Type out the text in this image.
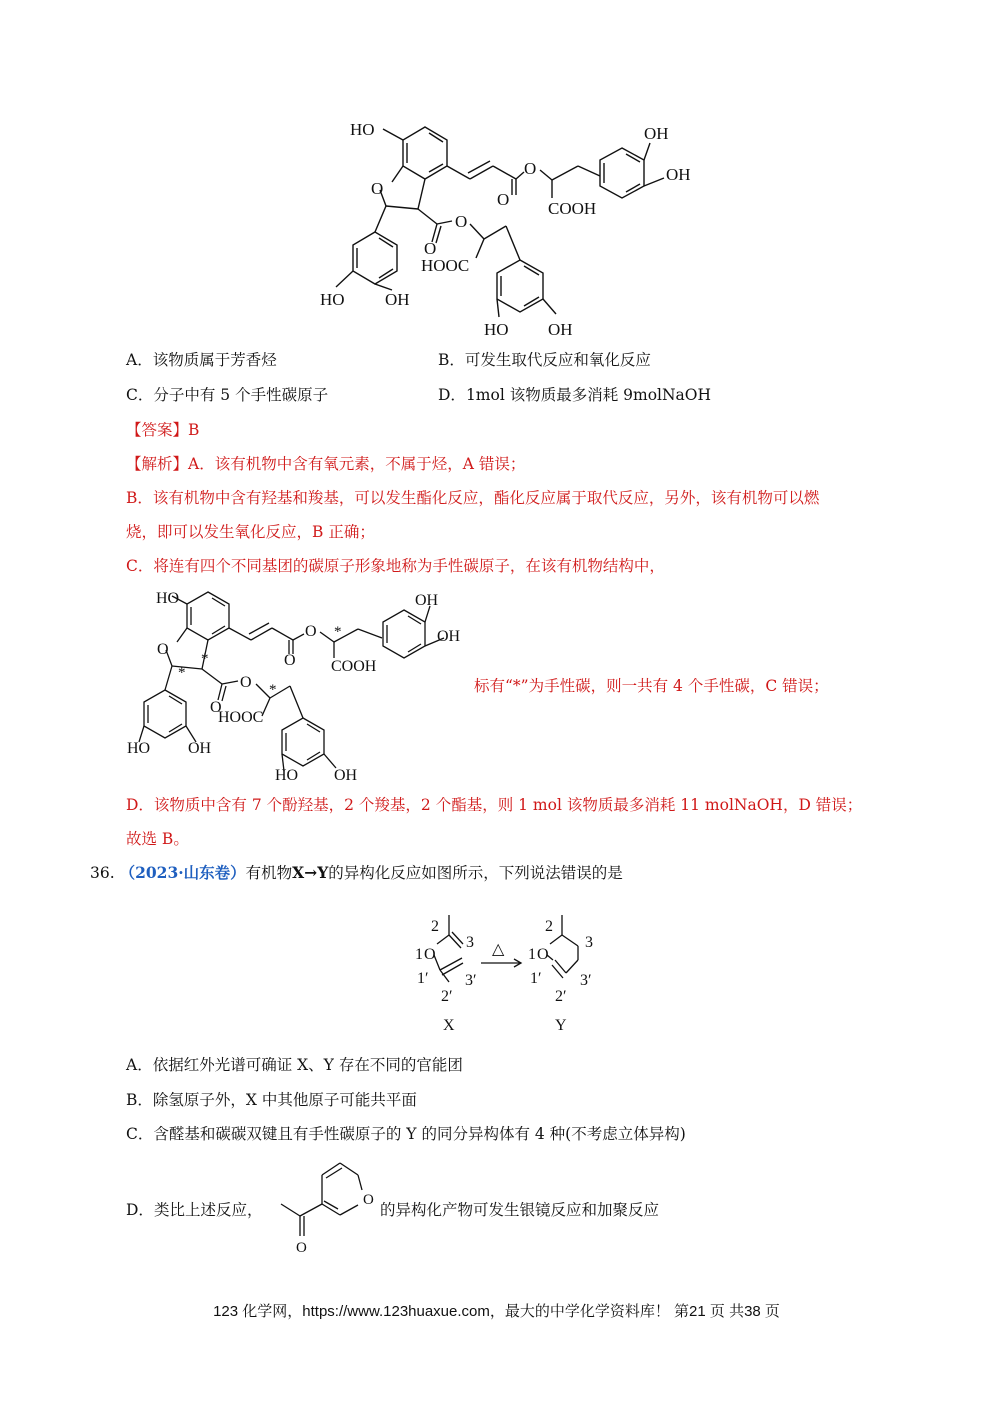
HO
O
O
O COOH
OH
OH
O
O
HOOC
HO OH
HO OH
A．该物质属于芳香烃	B．可发生取代反应和氧化反应
C．分子中有 5 个手性碳原子	D．1mol 该物质最多消耗 9molNaOH
【答案】B
【解析】A．该有机物中含有氧元素，不属于烃，A 错误；
B．该有机物中含有羟基和羧基，可以发生酯化反应，酯化反应属于取代反应，另外，该有机物可以燃
烧，即可以发生氧化反应，B 正确；
C．将连有四个不同基团的碳原子形象地称为手性碳原子，在该有机物结构中，
HO
O
O
O COOH
OH
OH
O
O
HOOC
HO OH
HO OH
*
*
*
*	标有“*”为手性碳，则一共有 4 个手性碳，C 错误；
D．该物质中含有 7 个酚羟基，2 个羧基，2 个酯基，则 1 mol 该物质最多消耗 11 molNaOH，D 错误；
故选 B。
36. （2023·山东卷）有机物X→Y的异构化反应如图所示，下列说法错误的是
2
3
1 O
1′
2′
3′
X
△
2
3
1 O
1′
2′
3′
Y
A．依据红外光谱可确证 X、Y 存在不同的官能团
B．除氢原子外，X 中其他原子可能共平面
C．含醛基和碳碳双键且有手性碳原子的 Y 的同分异构体有 4 种(不考虑立体异构)
D．类比上述反应，	的异构化产物可发生银镜反应和加聚反应
O
O
123 化学网，https://www.123huaxue.com，最大的中学化学资料库！ 第21 页 共38 页
